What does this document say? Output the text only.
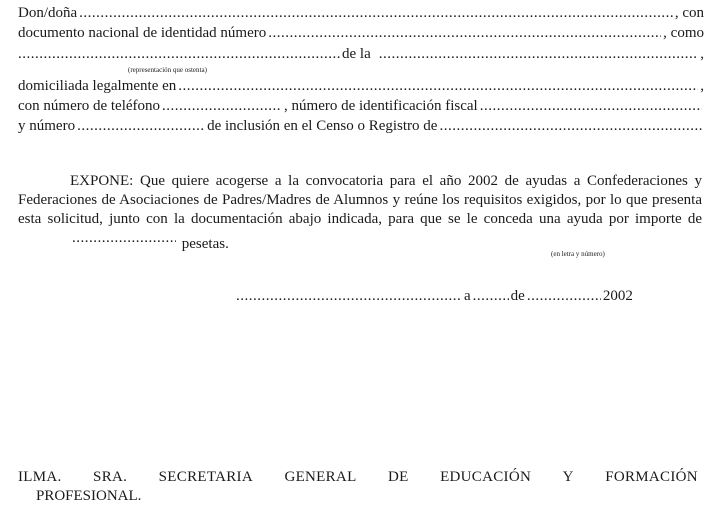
Don/doña .....	, con
documento nacional de identidad número .....	, como
.....
de la .....	,
(representación que ostenta)
domiciliada legalmente en .....	,
con número de teléfono .....	, número de identificación fiscal
.....
y número .....	de inclusión en el Censo o Registro de
.....
EXPONE: Que quiere acogerse a la convocatoria para el año 2002 de ayudas a Confederaciones y Federaciones de Asociaciones de Padres/Madres de Alumnos y reúne los requisitos exigidos, por lo que presenta esta solicitud, junto con la documentación abajo indicada, para que se le conceda una ayuda por importe de ..... pesetas.
(en letra y número)
.....
a .....	de .....	2002
ILMA. SRA. SECRETARIA GENERAL DE EDUCACIÓN Y FORMACIÓN
PROFESIONAL.
